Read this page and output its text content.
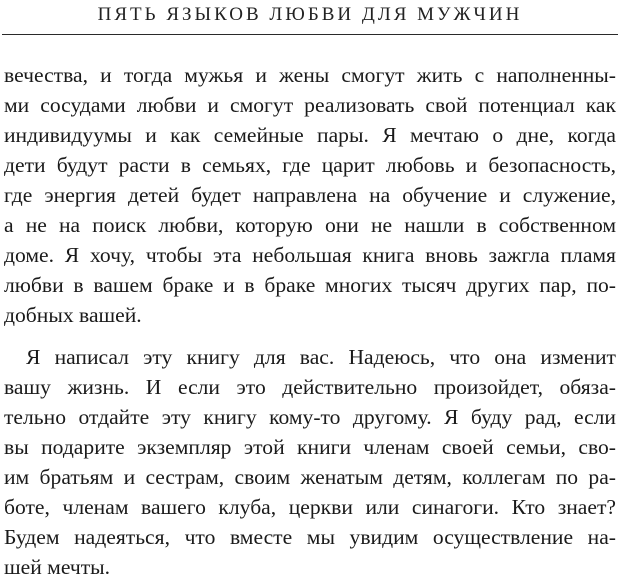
ПЯТЬ ЯЗЫКОВ ЛЮБВИ ДЛЯ МУЖЧИН
вечества, и тогда мужья и жены смогут жить с наполненны-
ми сосудами любви и смогут реализовать свой потенциал как
индивидуумы и как семейные пары. Я мечтаю о дне, когда
дети будут расти в семьях, где царит любовь и безопасность,
где энергия детей будет направлена на обучение и служение,
а не на поиск любви, которую они не нашли в собственном
доме. Я хочу, чтобы эта небольшая книга вновь зажгла пламя
любви в вашем браке и в браке многих тысяч других пар, по-
добных вашей.
Я написал эту книгу для вас. Надеюсь, что она изменит
вашу жизнь. И если это действительно произойдет, обяза-
тельно отдайте эту книгу кому-то другому. Я буду рад, если
вы подарите экземпляр этой книги членам своей семьи, сво-
им братьям и сестрам, своим женатым детям, коллегам по ра-
боте, членам вашего клуба, церкви или синагоги. Кто знает?
Будем надеяться, что вместе мы увидим осуществление на-
шей мечты.
